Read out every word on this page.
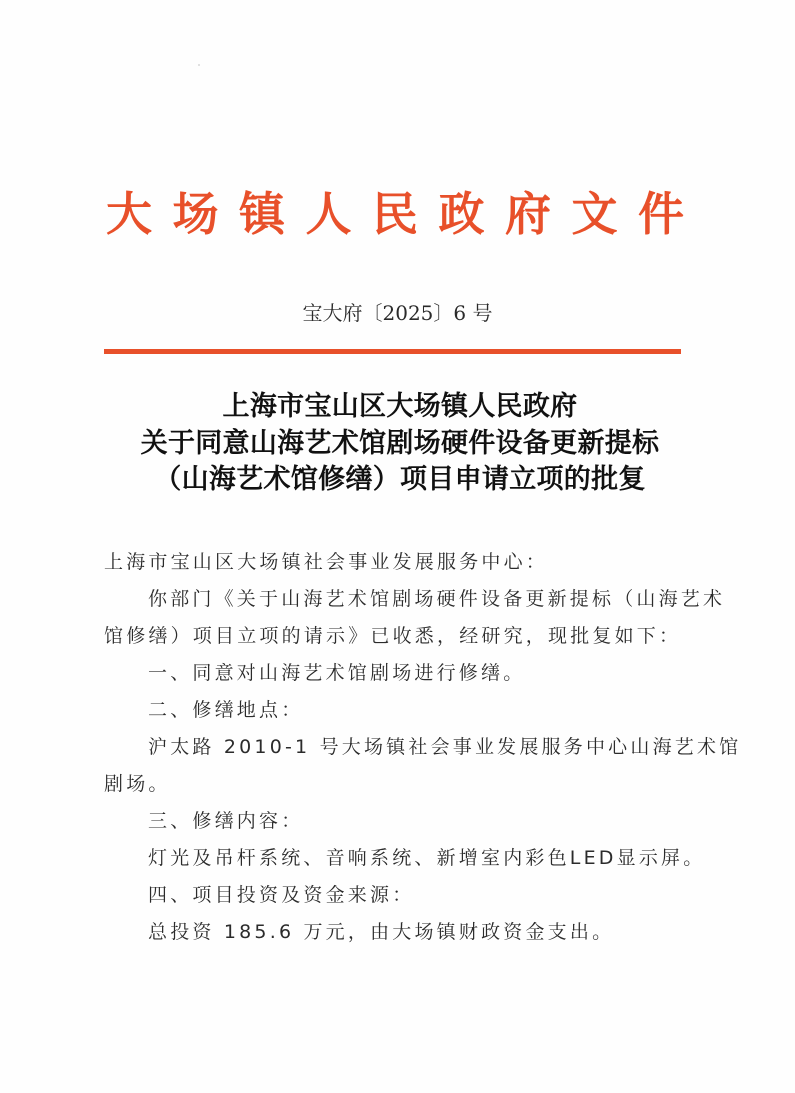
大 场 镇 人 民 政 府 文 件
宝大府〔2025〕6 号
上海市宝山区大场镇人民政府
关于同意山海艺术馆剧场硬件设备更新提标
（山海艺术馆修缮）项目申请立项的批复
上海市宝山区大场镇社会事业发展服务中心：
你部门《关于山海艺术馆剧场硬件设备更新提标（山海艺术
馆修缮）项目立项的请示》已收悉，经研究，现批复如下：
一、同意对山海艺术馆剧场进行修缮。
二、修缮地点：
沪太路 2010-1 号大场镇社会事业发展服务中心山海艺术馆
剧场。
三、修缮内容：
灯光及吊杆系统、音响系统、新增室内彩色LED显示屏。
四、项目投资及资金来源：
总投资 185.6 万元，由大场镇财政资金支出。
